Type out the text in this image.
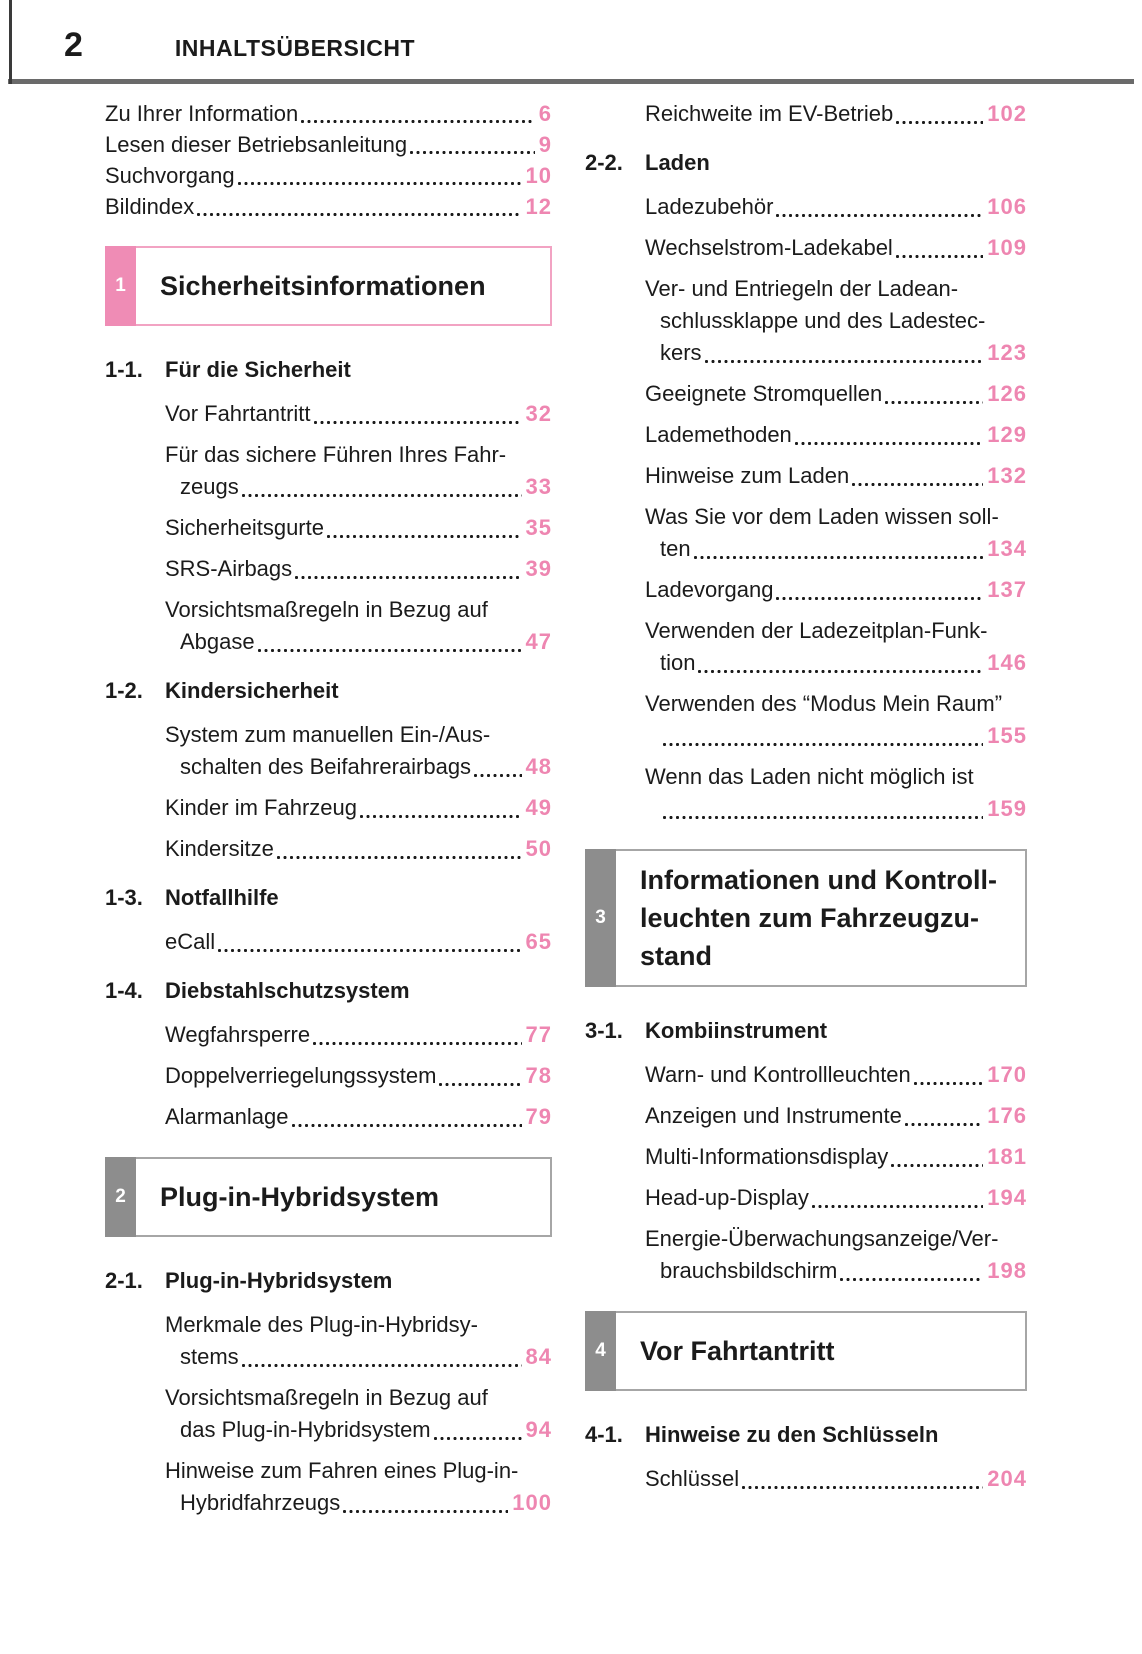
2	INHALTSÜBERSICHT
Zu Ihrer Information	6
Lesen dieser Betriebsanleitung	9
Suchvorgang	10
Bildindex	12
1	Sicherheitsinformationen
1-1.	Für die Sicherheit
Vor Fahrtantritt	32
Für das sichere Führen Ihres Fahr-
zeugs	33
Sicherheitsgurte	35
SRS-Airbags	39
Vorsichtsmaßregeln in Bezug auf
Abgase	47
1-2.	Kindersicherheit
System zum manuellen Ein-/Aus-
schalten des Beifahrerairbags 48
Kinder im Fahrzeug	49
Kindersitze	50
1-3.	Notfallhilfe
eCall	65
1-4.	Diebstahlschutzsystem
Wegfahrsperre	77
Doppelverriegelungssystem	78
Alarmanlage	79
2	Plug-in-Hybridsystem
2-1.	Plug-in-Hybridsystem
Merkmale des Plug-in-Hybridsy-
stems	84
Vorsichtsmaßregeln in Bezug auf
das Plug-in-Hybridsystem	94
Hinweise zum Fahren eines Plug-in-
Hybridfahrzeugs	100
Reichweite im EV-Betrieb	102
2-2.	Laden
Ladezubehör	106
Wechselstrom-Ladekabel	109
Ver- und Entriegeln der Ladean-
schlussklappe und des Ladestec-
kers	123
Geeignete Stromquellen	126
Lademethoden	129
Hinweise zum Laden	132
Was Sie vor dem Laden wissen soll-
ten	134
Ladevorgang	137
Verwenden der Ladezeitplan-Funk-
tion	146
Verwenden des “Modus Mein Raum”
155
Wenn das Laden nicht möglich ist
159
3
Informationen und Kontroll-
leuchten zum Fahrzeugzu-
stand
3-1.	Kombiinstrument
Warn- und Kontrollleuchten	170
Anzeigen und Instrumente	176
Multi-Informationsdisplay	181
Head-up-Display	194
Energie-Überwachungsanzeige/Ver-
brauchsbildschirm	198
4	Vor Fahrtantritt
4-1.	Hinweise zu den Schlüsseln
Schlüssel	204
